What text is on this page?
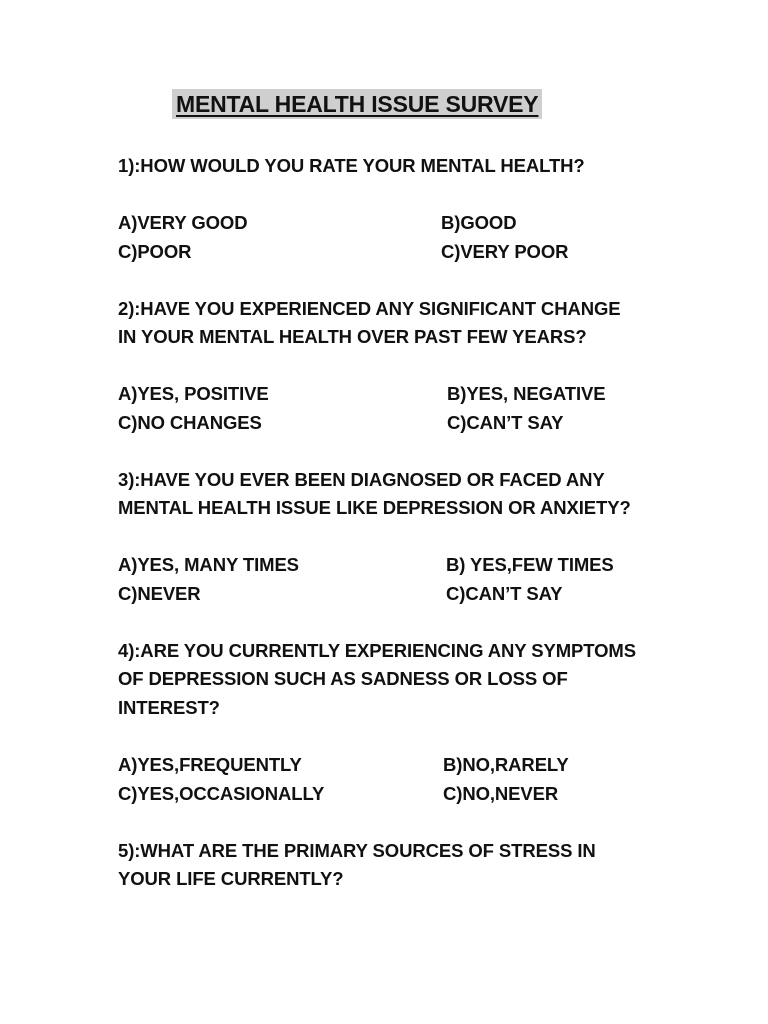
MENTAL HEALTH ISSUE SURVEY
1):HOW WOULD YOU RATE YOUR MENTAL HEALTH?
A)VERY GOOD	B)GOOD
C)POOR	C)VERY POOR
2):HAVE YOU EXPERIENCED ANY SIGNIFICANT CHANGE
IN YOUR MENTAL HEALTH OVER PAST FEW YEARS?
A)YES, POSITIVE	B)YES, NEGATIVE
C)NO CHANGES	C)CAN’T SAY
3):HAVE YOU EVER BEEN DIAGNOSED OR FACED ANY
MENTAL HEALTH ISSUE LIKE DEPRESSION OR ANXIETY?
A)YES, MANY TIMES	B) YES,FEW TIMES
C)NEVER	C)CAN’T SAY
4):ARE YOU CURRENTLY EXPERIENCING ANY SYMPTOMS
OF DEPRESSION SUCH AS SADNESS OR LOSS OF
INTEREST?
A)YES,FREQUENTLY	B)NO,RARELY
C)YES,OCCASIONALLY	C)NO,NEVER
5):WHAT ARE THE PRIMARY SOURCES OF STRESS IN
YOUR LIFE CURRENTLY?
